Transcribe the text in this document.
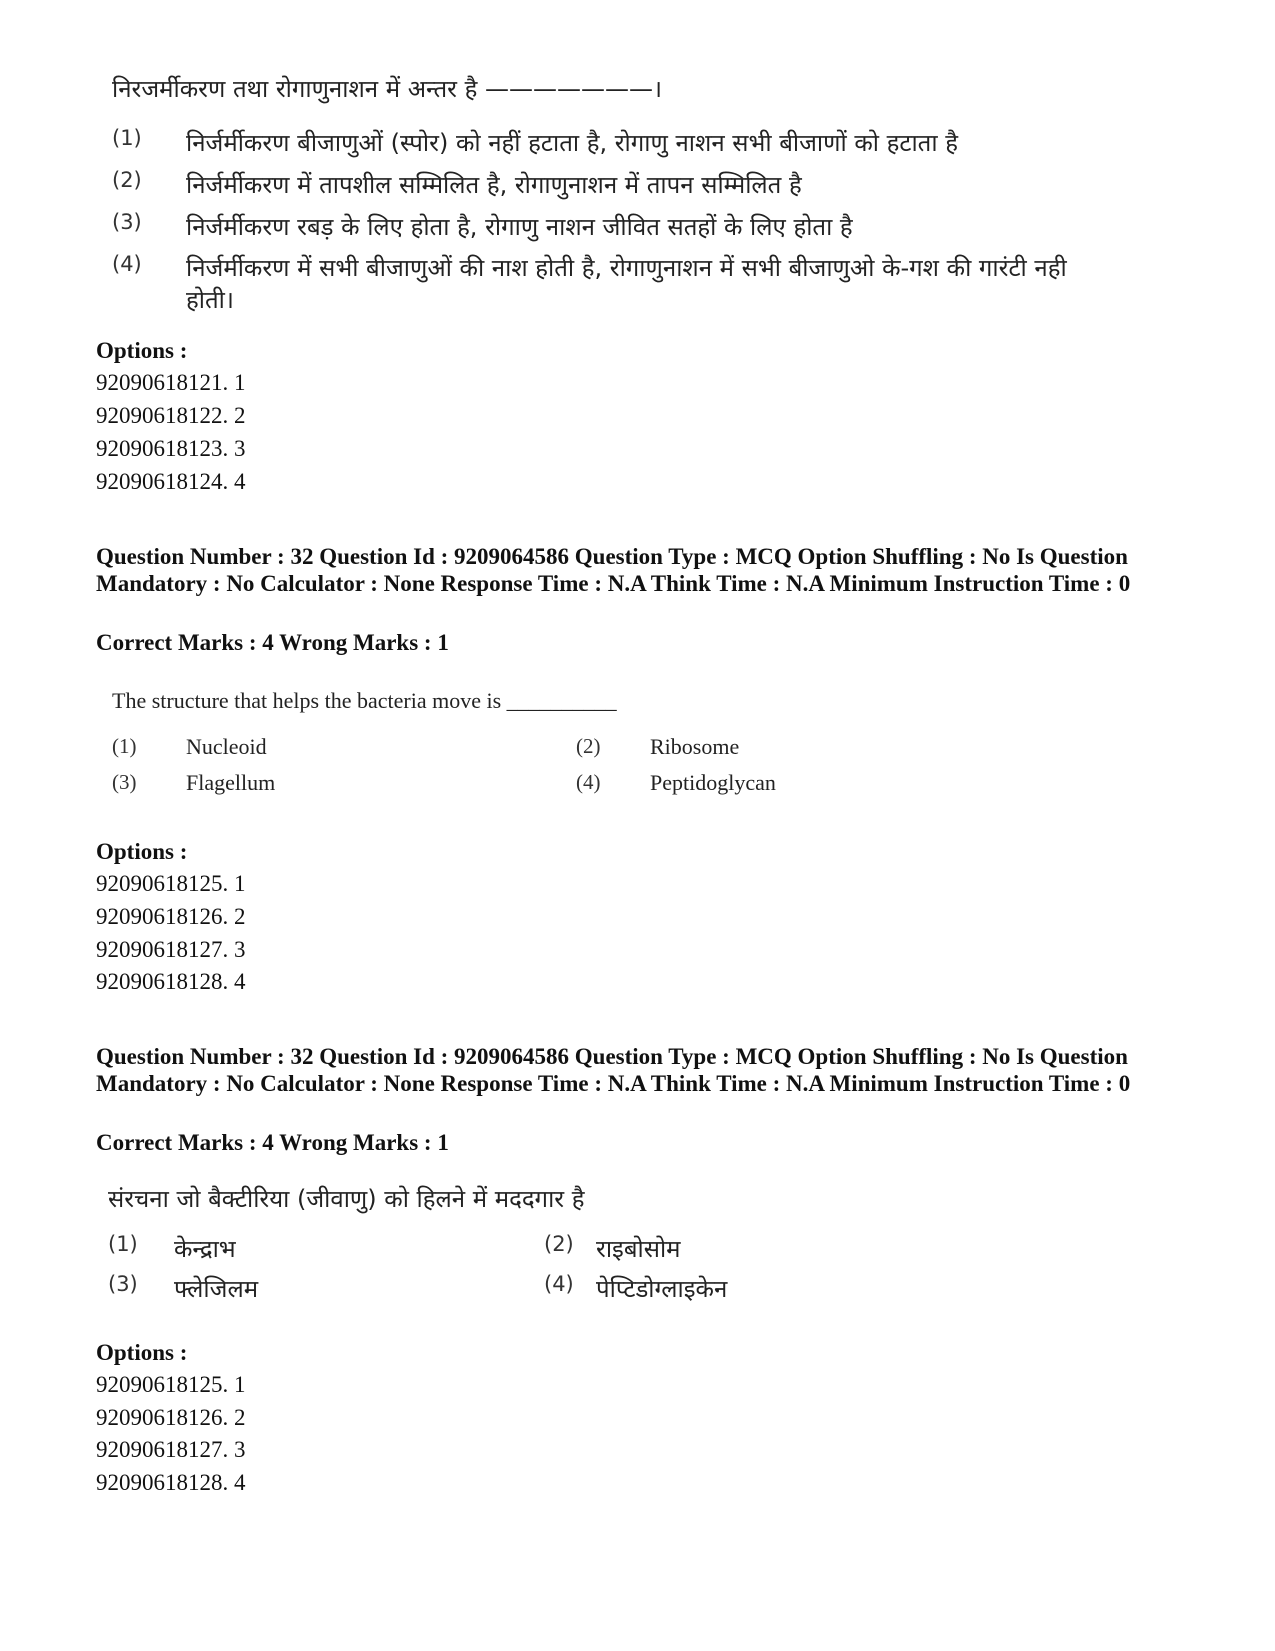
निरजर्मीकरण तथा रोगाणुनाशन में अन्तर है ———————।
(1)	निर्जर्मीकरण बीजाणुओं (स्पोर) को नहीं हटाता है, रोगाणु नाशन सभी बीजाणों को हटाता है
(2)	निर्जर्मीकरण में तापशील सम्मिलित है, रोगाणुनाशन में तापन सम्मिलित है
(3)	निर्जर्मीकरण रबड़ के लिए होता है, रोगाणु नाशन जीवित सतहों के लिए होता है
(4)	निर्जर्मीकरण में सभी बीजाणुओं की नाश होती है, रोगाणुनाशन में सभी बीजाणुओ के-गश की गारंटी नही होती।
Options :
92090618121. 1
92090618122. 2
92090618123. 3
92090618124. 4
Question Number : 32 Question Id : 9209064586 Question Type : MCQ Option Shuffling : No Is Question Mandatory : No Calculator : None Response Time : N.A Think Time : N.A Minimum Instruction Time : 0
Correct Marks : 4 Wrong Marks : 1
The structure that helps the bacteria move is __________
(1)	Nucleoid	(2)	Ribosome
(3)	Flagellum	(4)	Peptidoglycan
Options :
92090618125. 1
92090618126. 2
92090618127. 3
92090618128. 4
Question Number : 32 Question Id : 9209064586 Question Type : MCQ Option Shuffling : No Is Question Mandatory : No Calculator : None Response Time : N.A Think Time : N.A Minimum Instruction Time : 0
Correct Marks : 4 Wrong Marks : 1
संरचना जो बैक्टीरिया (जीवाणु) को हिलने में मददगार है
(1)	केन्द्राभ	(2) राइबोसोम
(3)	फ्लेजिलम	(4) पेप्टिडोग्लाइकेन
Options :
92090618125. 1
92090618126. 2
92090618127. 3
92090618128. 4
